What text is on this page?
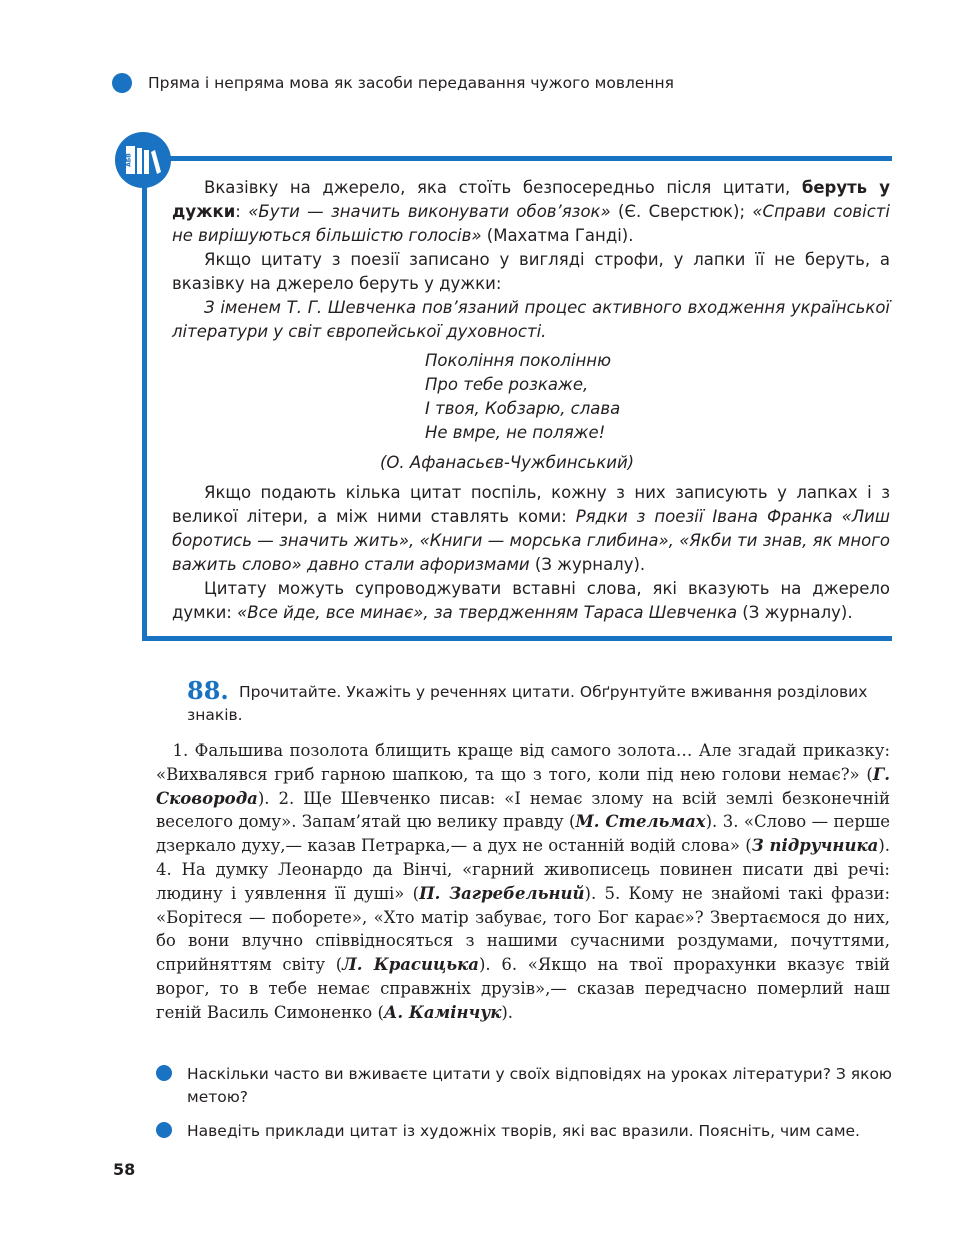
Пряма і непряма мова як засоби передавання чужого мовлення
АБВ

Вказівку на джерело, яка стоїть безпосередньо після цитати, беруть у дужки: «Бути — значить виконувати обов’язок» (Є. Сверстюк); «Справи совісті не вирішуються більшістю голосів» (Махатма Ганді).

Якщо цитату з поезії записано у вигляді строфи, у лапки її не беруть, а вказівку на джерело беруть у дужки:

З іменем Т. Г. Шевченка пов’язаний процес активного входження української літератури у світ європейської духовності.

Покоління поколінню
Про тебе розкаже,
І твоя, Кобзарю, слава
Не вмре, не поляже!
(О. Афанасьєв-Чужбинський)

Якщо подають кілька цитат поспіль, кожну з них записують у лапках і з великої літери, а між ними ставлять коми: Рядки з поезії Івана Франка «Лиш боротись — значить жить», «Книги — морська глибина», «Якби ти знав, як много важить слово» давно стали афоризмами (З журналу).

Цитату можуть супроводжувати вставні слова, які вказують на джерело думки: «Все йде, все минає», за твердженням Тараса Шевченка (З журналу).

88. Прочитайте. Укажіть у реченнях цитати. Обґрунтуйте вживання розділових знаків.
 1. Фальшива позолота блищить краще від самого золота… Але згадай приказку: «Вихвалявся гриб гарною шапкою, та що з того, коли під нею голови немає?» (Г. Сковорода). 2. Ще Шевченко писав: «І немає злому на всій землі безконечній веселого дому». Запам’ятай цю велику правду (М. Стельмах). 3. «Слово — перше дзеркало духу,— казав Петрарка,— а дух не останній водій слова» (З підручника). 4. На думку Леонардо да Вінчі, «гарний живописець повинен писати дві речі: людину і уявлення її душі» (П. Загребельний). 5. Кому не знайомі такі фрази: «Борітеся — поборете», «Хто матір забуває, того Бог карає»? Звертаємося до них, бо вони влучно співвідносяться з нашими сучасними роздумами, почуттями, сприйняттям світу (Л. Красицька). 6. «Якщо на твої прорахунки вказує твій ворог, то в тебе немає справжніх друзів»,— сказав передчасно померлий наш геній Василь Симоненко (А. Камінчук).
Наскільки часто ви вживаєте цитати у своїх відповідях на уроках літератури? З якою метою?
Наведіть приклади цитат із художніх творів, які вас вразили. Поясніть, чим саме.
58
